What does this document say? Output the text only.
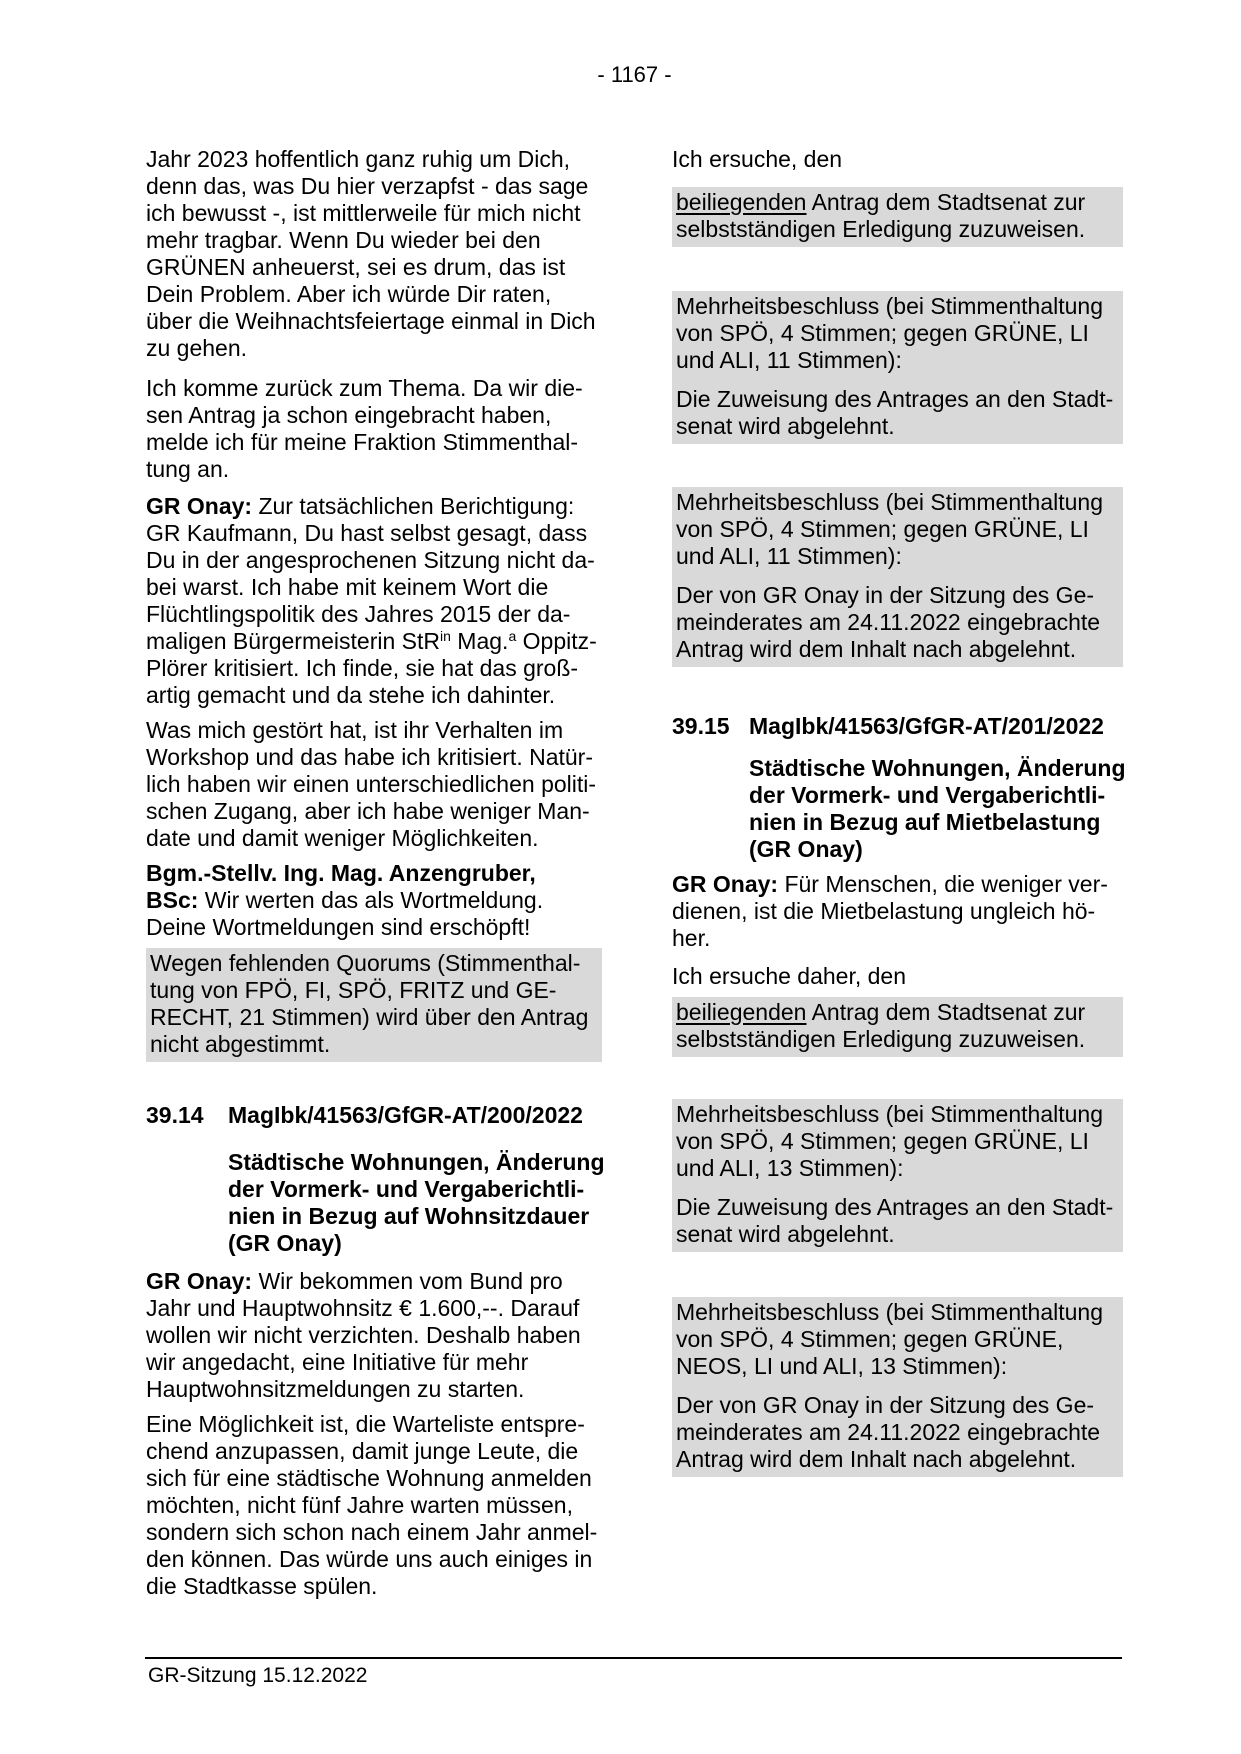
- 1167 -
Jahr 2023 hoffentlich ganz ruhig um Dich,
denn das, was Du hier verzapfst - das sage
ich bewusst -, ist mittlerweile für mich nicht
mehr tragbar. Wenn Du wieder bei den
GRÜNEN anheuerst, sei es drum, das ist
Dein Problem. Aber ich würde Dir raten,
über die Weihnachtsfeiertage einmal in Dich
zu gehen.
Ich komme zurück zum Thema. Da wir die-
sen Antrag ja schon eingebracht haben,
melde ich für meine Fraktion Stimmenthal-
tung an.
GR Onay: Zur tatsächlichen Berichtigung:
GR Kaufmann, Du hast selbst gesagt, dass
Du in der angesprochenen Sitzung nicht da-
bei warst. Ich habe mit keinem Wort die
Flüchtlingspolitik des Jahres 2015 der da-
maligen Bürgermeisterin StR$^{in}$ Mag.$^a$ Oppitz-
Plörer kritisiert. Ich finde, sie hat das groß-
artig gemacht und da stehe ich dahinter.
Was mich gestört hat, ist ihr Verhalten im
Workshop und das habe ich kritisiert. Natür-
lich haben wir einen unterschiedlichen politi-
schen Zugang, aber ich habe weniger Man-
date und damit weniger Möglichkeiten.
Bgm.-Stellv. Ing. Mag. Anzengruber,
BSc: Wir werten das als Wortmeldung.
Deine Wortmeldungen sind erschöpft!
Wegen fehlenden Quorums (Stimmenthal-
tung von FPÖ, FI, SPÖ, FRITZ und GE-
RECHT, 21 Stimmen) wird über den Antrag
nicht abgestimmt.
39.14 MagIbk/41563/GfGR-AT/200/2022
Städtische Wohnungen, Änderung
der Vormerk- und Vergaberichtli-
nien in Bezug auf Wohnsitzdauer
(GR Onay)
GR Onay: Wir bekommen vom Bund pro
Jahr und Hauptwohnsitz € 1.600,--. Darauf
wollen wir nicht verzichten. Deshalb haben
wir angedacht, eine Initiative für mehr
Hauptwohnsitzmeldungen zu starten.
Eine Möglichkeit ist, die Warteliste entspre-
chend anzupassen, damit junge Leute, die
sich für eine städtische Wohnung anmelden
möchten, nicht fünf Jahre warten müssen,
sondern sich schon nach einem Jahr anmel-
den können. Das würde uns auch einiges in
die Stadtkasse spülen.
Ich ersuche, den
beiliegenden Antrag dem Stadtsenat zur
selbstständigen Erledigung zuzuweisen.
Mehrheitsbeschluss (bei Stimmenthaltung
von SPÖ, 4 Stimmen; gegen GRÜNE, LI
und ALI, 11 Stimmen):
Die Zuweisung des Antrages an den Stadt-
senat wird abgelehnt.
Mehrheitsbeschluss (bei Stimmenthaltung
von SPÖ, 4 Stimmen; gegen GRÜNE, LI
und ALI, 11 Stimmen):
Der von GR Onay in der Sitzung des Ge-
meinderates am 24.11.2022 eingebrachte
Antrag wird dem Inhalt nach abgelehnt.
39.15 MagIbk/41563/GfGR-AT/201/2022
Städtische Wohnungen, Änderung
der Vormerk- und Vergaberichtli-
nien in Bezug auf Mietbelastung
(GR Onay)
GR Onay: Für Menschen, die weniger ver-
dienen, ist die Mietbelastung ungleich hö-
her.
Ich ersuche daher, den
beiliegenden Antrag dem Stadtsenat zur
selbstständigen Erledigung zuzuweisen.
Mehrheitsbeschluss (bei Stimmenthaltung
von SPÖ, 4 Stimmen; gegen GRÜNE, LI
und ALI, 13 Stimmen):
Die Zuweisung des Antrages an den Stadt-
senat wird abgelehnt.
Mehrheitsbeschluss (bei Stimmenthaltung
von SPÖ, 4 Stimmen; gegen GRÜNE,
NEOS, LI und ALI, 13 Stimmen):
Der von GR Onay in der Sitzung des Ge-
meinderates am 24.11.2022 eingebrachte
Antrag wird dem Inhalt nach abgelehnt.
GR-Sitzung 15.12.2022
